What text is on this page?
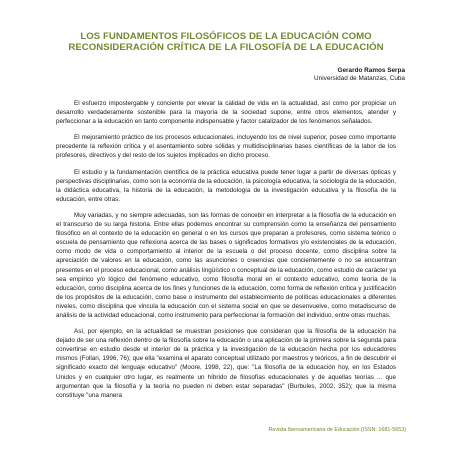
LOS FUNDAMENTOS FILOSÓFICOS DE LA EDUCACIÓN COMO
RECONSIDERACIÓN CRÍTICA DE LA FILOSOFÍA DE LA EDUCACIÓN
Gerardo Ramos Serpa
Universidad de Matanzas, Cuba

El esfuerzo impostergable y conciente por elevar la calidad de vida en la actualidad, así como por propiciar un desarrollo verdaderamente sostenible para la mayoría de la sociedad supone, entre otros elementos, atender y perfeccionar a la educación en tanto componente indispensable y factor catalizador de los fenómenos señalados.

El mejoramiento práctico de los procesos educacionales, incluyendo los de nivel superior, posee como importante precedente la reflexión crítica y el asentamiento sobre sólidas y multidisciplinarias bases científicas de la labor de los profesores, directivos y del resto de los sujetos implicados en dicho proceso.

El estudio y la fundamentación científica de la práctica educativa puede tener lugar a partir de diversas ópticas y perspectivas disciplinarias, como son la economía de la educación, la psicología educativa, la sociología de la educación, la didáctica educativa, la historia de la educación, la metodología de la investigación educativa y la filosofía de la educación, entre otras.

Muy variadas, y no siempre adecuadas, son las formas de concebir en interpretar a la filosofía de la educación en el transcurso de su larga historia. Entre ellas podemos encontrar su comprensión como la enseñanza del pensamiento filosófico en el contexto de la educación en general o en los cursos que preparan a profesores, como sistema teórico o escuela de pensamiento que reflexiona acerca de las bases o significados formativos y/o existenciales de la educación, como modo de vida o comportamiento al interior de la escuela o del proceso docente, como disciplina sobre la apreciación de valores en la educación, como las asunciones o creencias que concientemente o no se encuentran presentes en el proceso educacional, como análisis lingüístico o conceptual de la educación, como estudio de carácter ya sea empírico y/o lógico del fenómeno educativo, como filosofía moral en el contexto educativo, como teoría de la educación, como disciplina acerca de los fines y funciones de la educación, como forma de reflexión crítica y justificación de los propósitos de la educación, como base o instrumento del establecimiento de políticas educacionales a diferentes niveles, como disciplina que vincula la educación con el sistema social en que se desenvuelve, como metadiscurso de análisis de la actividad educacional, como instrumento para perfeccionar la formación del individuo, entre otras muchas.

Así, por ejemplo, en la actualidad se muestran posiciones que consideran que la filosofía de la educación ha dejado de ser una reflexión dentro de la filosofía sobre la educación o una aplicación de la primera sobre la segunda para convertirse en estudio desde el interior de la práctica y la investigación de la educación hecha por los educadores mismos (Follari, 1996, 76); que ella "examina el aparato conceptual utilizado por maestros y teóricos, a fin de descubrir el significado exacto del lenguaje educativo" (Moore, 1998, 22), que: "La filosofía de la educación hoy, en los Estados Unidos y en cualquier otro lugar, es realmente un híbrido de filosofías educacionales y de aquellas teorías ... que argumentan que la filosofía y la teoría no pueden ni deben estar separadas" (Burbules, 2002, 352); que la misma constituye "una manera

Revista Iberoamericana de Educación (ISSN: 1681-5653)
